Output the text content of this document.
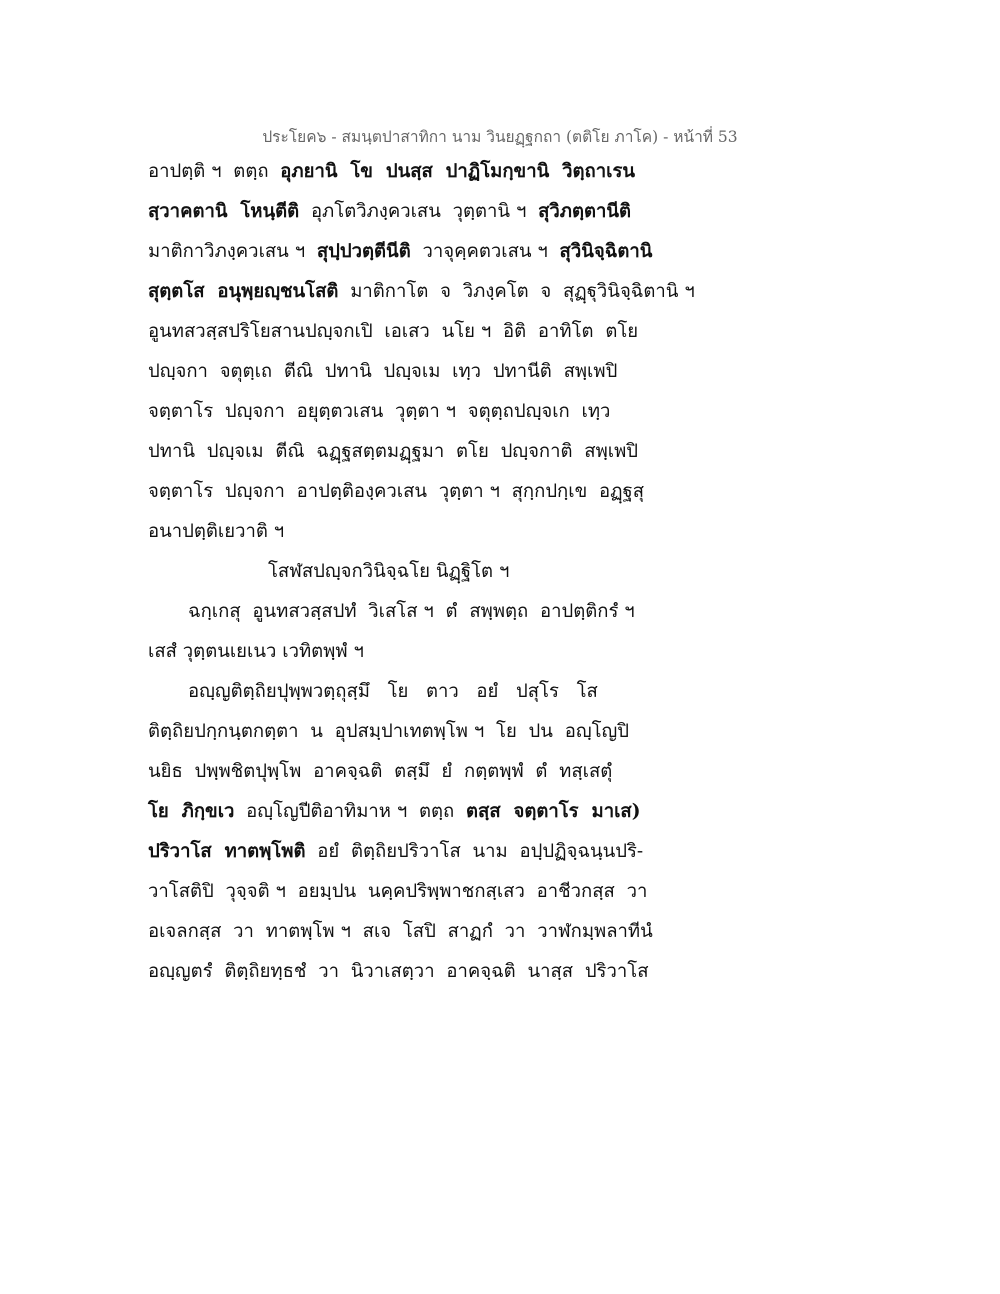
ประโยค๖ - สมนฺตปาสาทิกา นาม วินยฏฺฐกถา (ตติโย ภาโค) - หน้าที่ 53
อาปตฺติ ฯ  ตตฺถ  อุภยานิ  โข  ปนสฺส  ปาฏิโมกฺขานิ  วิตฺถาเรน
สฺวาคตานิ  โหนฺตีติ  อุภโตวิภงฺควเสน  วุตฺตานิ ฯ  สุวิภตฺตานีติ
มาติกาวิภงฺควเสน ฯ  สุปฺปวตฺตีนีติ  วาจุคฺคตวเสน ฯ  สุวินิจฺฉิตานิ
สุตฺตโส  อนุพฺยญฺชนโสติ  มาติกาโต  จ  วิภงฺคโต  จ  สุฏฺฐุวินิจฺฉิตานิ ฯ
อูนทสวสฺสปริโยสานปญฺจกเปิ  เอเสว  นโย ฯ  อิติ  อาทิโต  ตโย
ปญฺจกา  จตุตฺเถ  ตีณิ  ปทานิ  ปญฺจเม  เทฺว  ปทานีติ  สพฺเพปิ
จตฺตาโร  ปญฺจกา  อยุตฺตวเสน  วุตฺตา ฯ  จตุตฺถปญฺจเก  เทฺว
ปทานิ  ปญฺจเม  ตีณิ  ฉฏฺฐสตฺตมฏฺฐมา  ตโย  ปญฺจกาติ  สพฺเพปิ
จตฺตาโร  ปญฺจกา  อาปตฺติองฺควเสน  วุตฺตา ฯ  สุกฺกปกฺเข  อฏฺฐสุ
อนาปตฺติเยวาติ ฯ
โสฬสปญฺจกวินิจฺฉโย นิฏฺฐิโต ฯ
ฉกฺเกสุ  อูนทสวสฺสปทํ  วิเสโส ฯ  ตํ  สพฺพตฺถ  อาปตฺติกรํ ฯ
เสสํ วุตฺตนเยเนว เวทิตพฺพํ ฯ
อญฺญติตฺถิยปุพฺพวตฺถุสฺมึ   โย   ตาว   อยํ   ปสุโร   โส
ติตฺถิยปกฺกนฺตกตฺตา  น  อุปสมฺปาเทตพฺโพ ฯ  โย  ปน  อญฺโญปิ
นยิธ  ปพฺพชิตปุพฺโพ  อาคจฺฉติ  ตสฺมึ  ยํ  กตฺตพฺพํ  ตํ  ทสฺเสตุํ
โย  ภิกฺขเว  อญฺโญปีติอาทิมาห ฯ  ตตฺถ  ตสฺส  จตฺตาโร  มาเส)
ปริวาโส  ทาตพฺโพติ  อยํ  ติตฺถิยปริวาโส  นาม  อปฺปฏิจฺฉนฺนปริ-
วาโสติปิ  วุจฺจติ ฯ  อยมฺปน  นคฺคปริพฺพาชกสฺเสว  อาชีวกสฺส  วา
อเจลกสฺส  วา  ทาตพฺโพ ฯ  สเจ  โสปิ  สาฏกํ  วา  วาฬกมฺพลาทีนํ
อญฺญตรํ  ติตฺถิยทฺธชํ  วา  นิวาเสตฺวา  อาคจฺฉติ  นาสฺส  ปริวาโส
